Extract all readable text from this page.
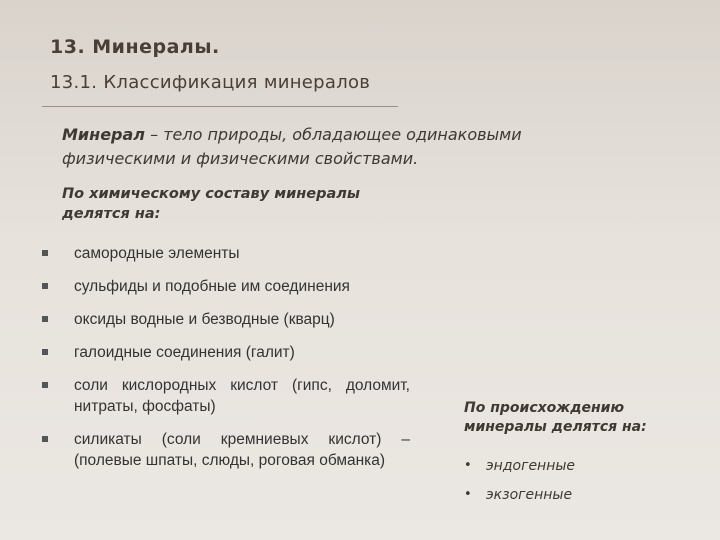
13. Минералы.
13.1. Классификация минералов
Минерал – тело природы, обладающее одинаковыми физическими и физическими свойствами.
По химическому составу минералы делятся на:
самородные элементы
сульфиды и подобные им соединения
оксиды водные и безводные (кварц)
галоидные соединения (галит)
соли кислородных кислот (гипс, доломит, нитраты, фосфаты)
силикаты (соли кремниевых кислот) – (полевые шпаты, слюды, роговая обманка)
По происхождению минералы делятся на:
• эндогенные
• экзогенные
